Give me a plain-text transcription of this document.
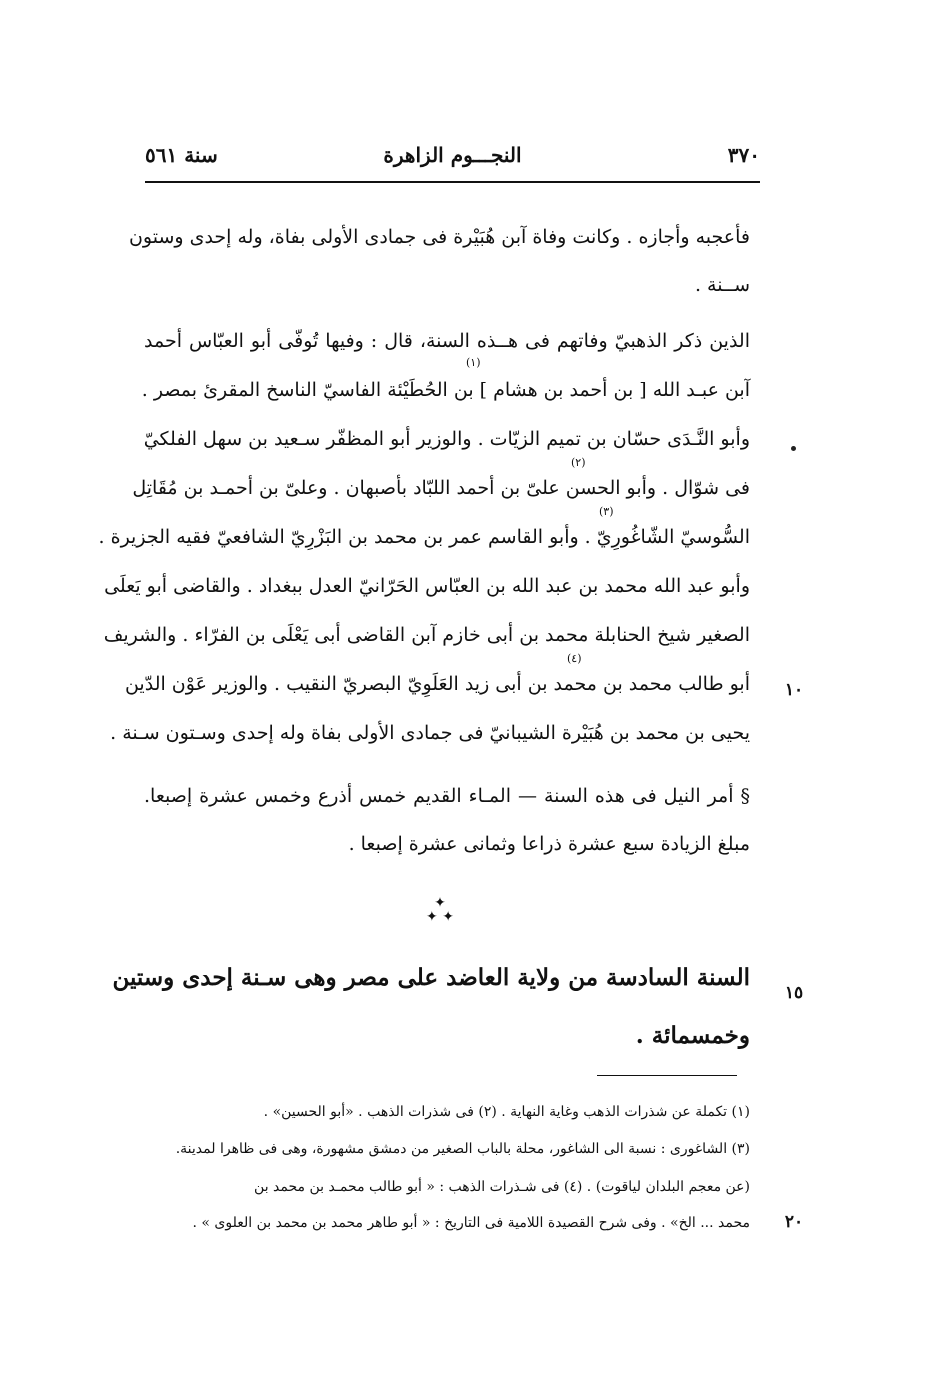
٣٧٠
النجـــوم الزاهرة
سنة ٥٦١
فأعجبه وأجازه . وكانت وفاة آبن هُبَيْرة فى جمادى الأولى بفاة، وله إحدى وستون
ســنة .
الذين ذكر الذهبيّ وفاتهم فى هــذه السنة، قال : وفيها تُوفّى أبو العبّاس أحمد
آبن عبـد الله [ بن أحمد بن هشام ] بن الحُطَيْئة الفاسيّ الناسخ المقرئ بمصر .
وأبو النَّـدَى حسّان بن تميم الزيّات . والوزير أبو المظفّر سـعيد بن سهل الفلكيّ
فى شوّال . وأبو الحسن علىّ بن أحمد اللبّاد بأصبهان . وعلىّ بن أحمـد بن مُقَاتِل
السُّوسيّ الشّاغُورِيّ . وأبو القاسم عمر بن محمد بن البَزْرِيّ الشافعيّ فقيه الجزيرة .
وأبو عبد الله محمد بن عبد الله بن العبّاس الحَرّانيّ العدل ببغداد . والقاضى أبو يَعلَى
الصغير شيخ الحنابلة محمد بن أبى خازم آبن القاضى أبى يَعْلَى بن الفرّاء . والشريف
أبو طالب محمد بن محمد بن أبى زيد العَلَوِيّ البصريّ النقيب . والوزير عَوْن الدّين
يحيى بن محمد بن هُبَيْرة الشيبانيّ فى جمادى الأولى بفاة وله إحدى وسـتون سـنة .
(١)
(٢)
(٣)
(٤)
§ أمر النيل فى هذه السنة — المـاء القديم خمس أذرع وخمس عشرة إصبعا.
مبلغ الزيادة سبع عشرة ذراعا وثمانى عشرة إصبعا .
✦
✦ ✦
السنة السادسة من ولاية العاضد على مصر وهى سـنة إحدى وستين
وخمسمائة .
١٠
١٥
٢٠
(١) تكملة عن شذرات الذهب وغاية النهاية . (٢) فى شذرات الذهب . «أبو الحسين» .
(٣) الشاغورى : نسبة الى الشاغور، محلة بالباب الصغير من دمشق مشهورة، وهى فى ظاهرا لمدينة.
(عن معجم البلدان لياقوت) . (٤) فى شـذرات الذهب : « أبو طالب محمـد بن محمد بن
محمد ... الخ» . وفى شرح القصيدة اللامية فى التاريخ : « أبو طاهر محمد بن محمد بن العلوى » .
